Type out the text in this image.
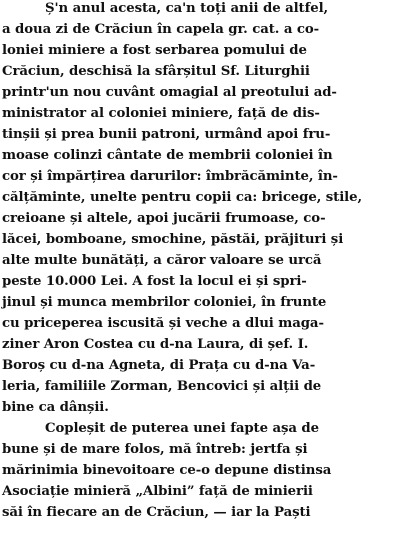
Ș'n anul acesta, ca'n toți anii de altfel,
a doua zi de Crăciun în capela gr. cat. a co-
loniei miniere a fost serbarea pomului de
Crăciun, deschisă la sfârșitul Sf. Liturghii
printr'un nou cuvânt omagial al preotului ad-
ministrator al coloniei miniere, față de dis-
tinșii și prea bunii patroni, urmând apoi fru-
moase colinzi cântate de membrii coloniei în
cor și împărțirea darurilor: îmbrăcăminte, în-
călțăminte, unelte pentru copii ca: bricege, stile,
creioane și altele, apoi jucării frumoase, co-
lăcei, bomboane, smochine, păstăi, prăjituri și
alte multe bunătăți, a căror valoare se urcă
peste 10.000 Lei. A fost la locul ei și spri-
jinul și munca membrilor coloniei, în frunte
cu priceperea iscusită și veche a dlui magа-
ziner Aron Costea cu d-na Laura, di șef. I.
Boroș cu d-na Agneta, di Prața cu d-na Va-
leria, familiile Zorman, Bencovici și alții de
bine ca dânșii.
Copleșit de puterea unei fapte așa de
bune și de mare folos, mă întreb: jertfa și
mărinimia binevoitoare ce-o depune distinsa
Asociație minieră „Albini” față de minierii
săi în fiecare an de Crăciun, — iar la Paști
